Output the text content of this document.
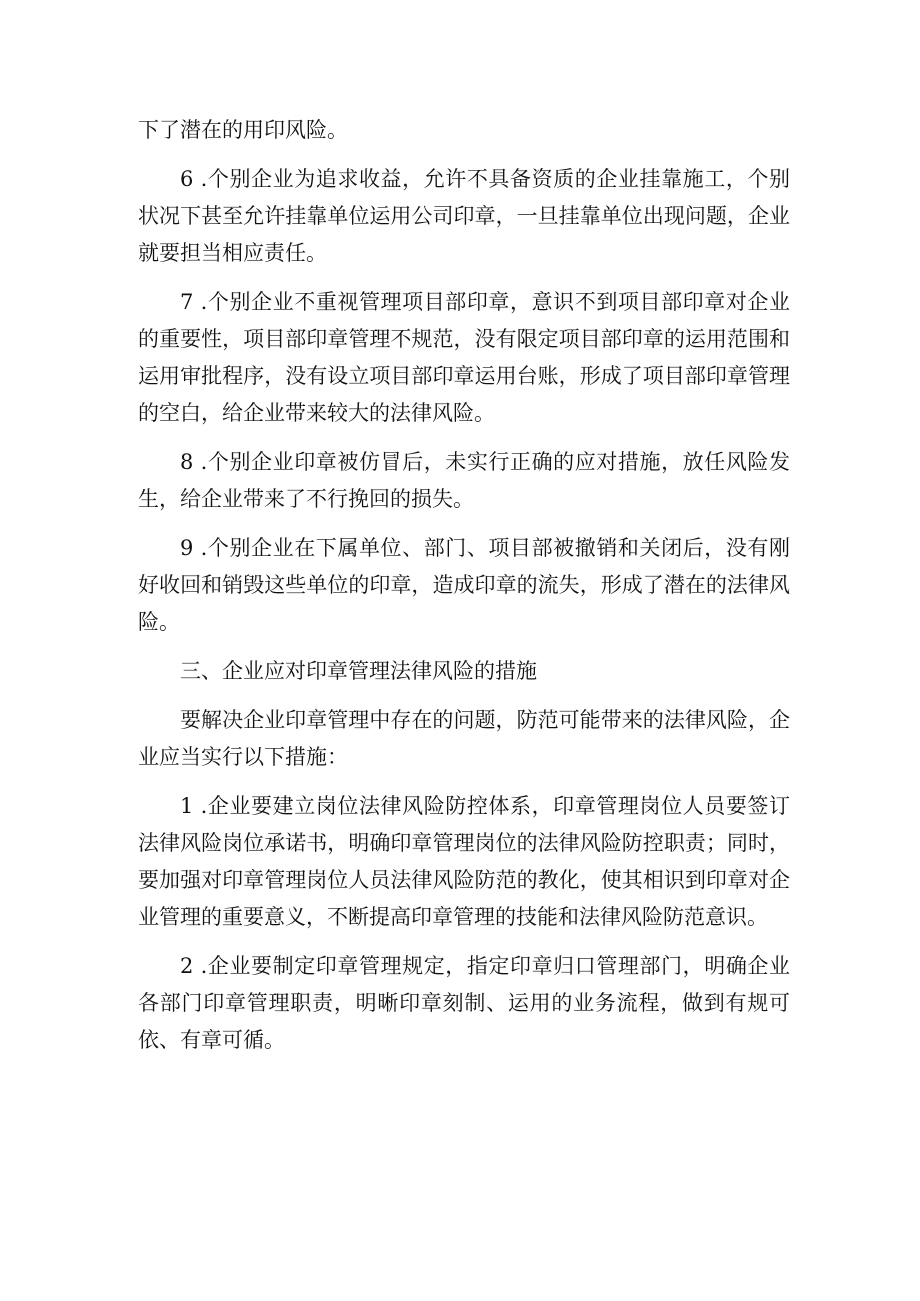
下了潜在的用印风险。

6 .个别企业为追求收益，允许不具备资质的企业挂靠施工，个别状况下甚至允许挂靠单位运用公司印章，一旦挂靠单位出现问题，企业就要担当相应责任。

7 .个别企业不重视管理项目部印章，意识不到项目部印章对企业的重要性，项目部印章管理不规范，没有限定项目部印章的运用范围和运用审批程序，没有设立项目部印章运用台账，形成了项目部印章管理的空白，给企业带来较大的法律风险。

8 .个别企业印章被仿冒后，未实行正确的应对措施，放任风险发生，给企业带来了不行挽回的损失。

9 .个别企业在下属单位、部门、项目部被撤销和关闭后，没有刚好收回和销毁这些单位的印章，造成印章的流失，形成了潜在的法律风险。

三、企业应对印章管理法律风险的措施

要解决企业印章管理中存在的问题，防范可能带来的法律风险，企业应当实行以下措施：

1 .企业要建立岗位法律风险防控体系，印章管理岗位人员要签订法律风险岗位承诺书，明确印章管理岗位的法律风险防控职责；同时，要加强对印章管理岗位人员法律风险防范的教化，使其相识到印章对企业管理的重要意义，不断提高印章管理的技能和法律风险防范意识。

2 .企业要制定印章管理规定，指定印章归口管理部门，明确企业各部门印章管理职责，明晰印章刻制、运用的业务流程，做到有规可依、有章可循。
